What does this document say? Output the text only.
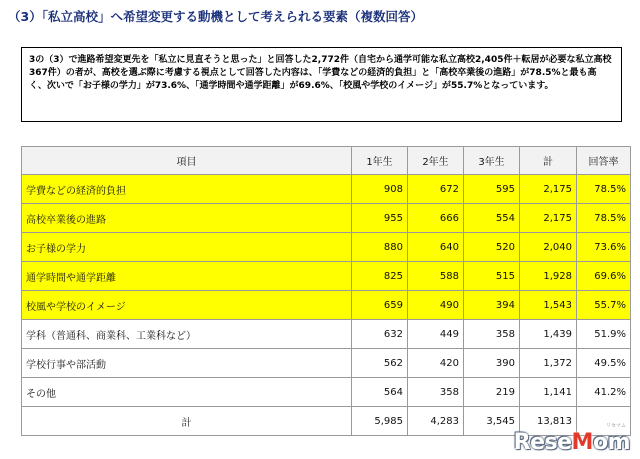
（3）「私立高校」へ希望変更する動機として考えられる要素（複数回答）

3の（3）で進路希望変更先を「私立に見直そうと思った」と回答した2,772件（自宅から通学可能な私立高校2,405件＋転居が必要な私立高校367件）の者が、高校を選ぶ際に考慮する視点として回答した内容は、「学費などの経済的負担」と「高校卒業後の進路」が78.5%と最も高く、次いで「お子様の学力」が73.6%、「通学時間や通学距離」が69.6%、「校風や学校のイメージ」が55.7%となっています。

項目	1年生	2年生	3年生	計	回答率
学費などの経済的負担	908	672	595	2,175	78.5%
高校卒業後の進路	955	666	554	2,175	78.5%
お子様の学力	880	640	520	2,040	73.6%
通学時間や通学距離	825	588	515	1,928	69.6%
校風や学校のイメージ	659	490	394	1,543	55.7%
学科（普通科、商業科、工業科など）	632	449	358	1,439	51.9%
学校行事や部活動	562	420	390	1,372	49.5%
その他	564	358	219	1,141	41.2%
計	5,985	4,283	3,545	13,813		リセマム
ReseMom
